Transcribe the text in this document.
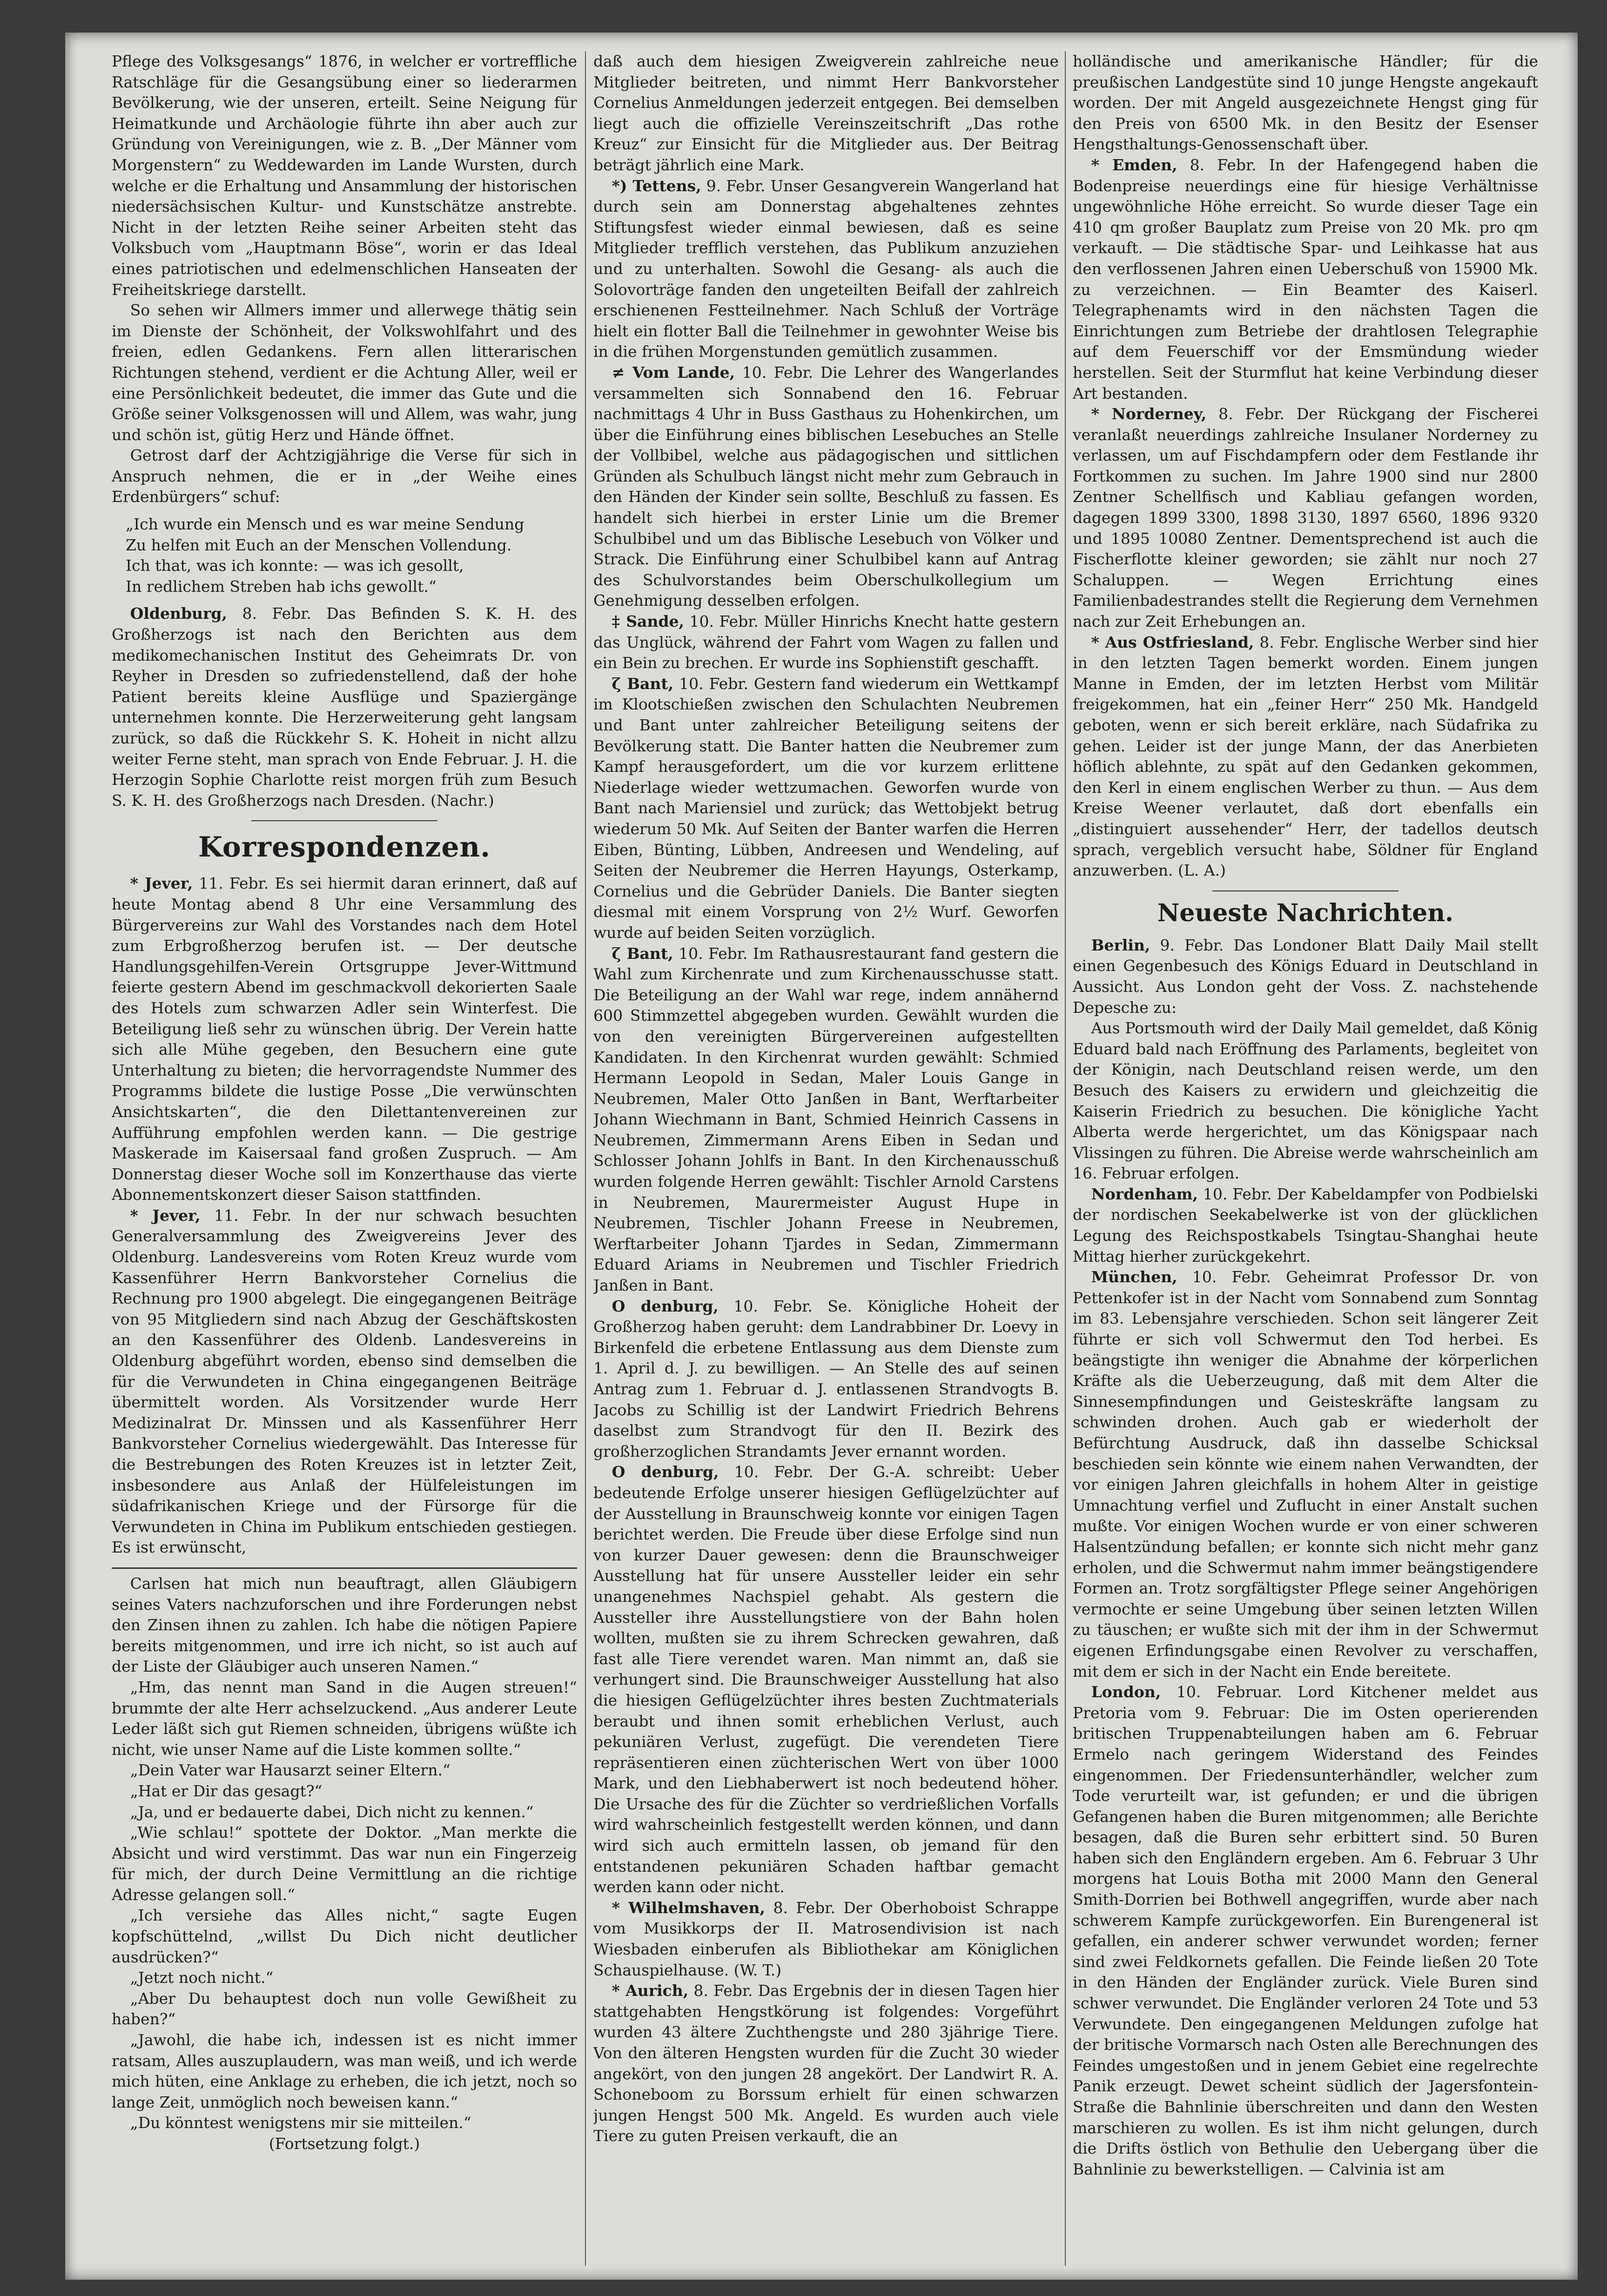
Pflege des Volksgesangs“ 1876, in welcher er vortreffliche Ratschläge für die Gesangsübung einer so liederarmen Bevölkerung, wie der unseren, erteilt. Seine Neigung für Heimatkunde und Archäologie führte ihn aber auch zur Gründung von Vereinigungen, wie z. B. „Der Männer vom Morgenstern“ zu Weddewarden im Lande Wursten, durch welche er die Erhaltung und Ansammlung der historischen niedersächsischen Kultur- und Kunstschätze anstrebte. Nicht in der letzten Reihe seiner Arbeiten steht das Volksbuch vom „Hauptmann Böse“, worin er das Ideal eines patriotischen und edelmenschlichen Hanseaten der Freiheitskriege darstellt.

So sehen wir Allmers immer und allerwege thätig sein im Dienste der Schönheit, der Volkswohlfahrt und des freien, edlen Gedankens. Fern allen litterarischen Richtungen stehend, verdient er die Achtung Aller, weil er eine Persönlichkeit bedeutet, die immer das Gute und die Größe seiner Volksgenossen will und Allem, was wahr, jung und schön ist, gütig Herz und Hände öffnet.

Getrost darf der Achtzigjährige die Verse für sich in Anspruch nehmen, die er in „der Weihe eines Erdenbürgers“ schuf:

„Ich wurde ein Mensch und es war meine Sendung
Zu helfen mit Euch an der Menschen Vollendung.
Ich that, was ich konnte: — was ich gesollt,
In redlichem Streben hab ichs gewollt.“

Oldenburg, 8. Febr. Das Befinden S. K. H. des Großherzogs ist nach den Berichten aus dem medikomechanischen Institut des Geheimrats Dr. von Reyher in Dresden so zufriedenstellend, daß der hohe Patient bereits kleine Ausflüge und Spaziergänge unternehmen konnte. Die Herzerweiterung geht langsam zurück, so daß die Rückkehr S. K. Hoheit in nicht allzu weiter Ferne steht, man sprach von Ende Februar. J. H. die Herzogin Sophie Charlotte reist morgen früh zum Besuch S. K. H. des Großherzogs nach Dresden. (Nachr.)

Korrespondenzen.

* Jever, 11. Febr. Es sei hiermit daran erinnert, daß auf heute Montag abend 8 Uhr eine Versammlung des Bürgervereins zur Wahl des Vorstandes nach dem Hotel zum Erbgroßherzog berufen ist. — Der deutsche Handlungsgehilfen-Verein Ortsgruppe Jever-Wittmund feierte gestern Abend im geschmackvoll dekorierten Saale des Hotels zum schwarzen Adler sein Winterfest. Die Beteiligung ließ sehr zu wünschen übrig. Der Verein hatte sich alle Mühe gegeben, den Besuchern eine gute Unterhaltung zu bieten; die hervorragendste Nummer des Programms bildete die lustige Posse „Die verwünschten Ansichtskarten“, die den Dilettantenvereinen zur Aufführung empfohlen werden kann. — Die gestrige Maskerade im Kaisersaal fand großen Zuspruch. — Am Donnerstag dieser Woche soll im Konzerthause das vierte Abonnementskonzert dieser Saison stattfinden.

* Jever, 11. Febr. In der nur schwach besuchten Generalversammlung des Zweigvereins Jever des Oldenburg. Landesvereins vom Roten Kreuz wurde vom Kassenführer Herrn Bankvorsteher Cornelius die Rechnung pro 1900 abgelegt. Die eingegangenen Beiträge von 95 Mitgliedern sind nach Abzug der Geschäftskosten an den Kassenführer des Oldenb. Landesvereins in Oldenburg abgeführt worden, ebenso sind demselben die für die Verwundeten in China eingegangenen Beiträge übermittelt worden. Als Vorsitzender wurde Herr Medizinalrat Dr. Minssen und als Kassenführer Herr Bankvorsteher Cornelius wiedergewählt. Das Interesse für die Bestrebungen des Roten Kreuzes ist in letzter Zeit, insbesondere aus Anlaß der Hülfeleistungen im südafrikanischen Kriege und der Fürsorge für die Verwundeten in China im Publikum entschieden gestiegen. Es ist erwünscht,

Carlsen hat mich nun beauftragt, allen Gläubigern seines Vaters nachzuforschen und ihre Forderungen nebst den Zinsen ihnen zu zahlen. Ich habe die nötigen Papiere bereits mitgenommen, und irre ich nicht, so ist auch auf der Liste der Gläubiger auch unseren Namen.“

„Hm, das nennt man Sand in die Augen streuen!“ brummte der alte Herr achselzuckend. „Aus anderer Leute Leder läßt sich gut Riemen schneiden, übrigens wüßte ich nicht, wie unser Name auf die Liste kommen sollte.“

„Dein Vater war Hausarzt seiner Eltern.“

„Hat er Dir das gesagt?“

„Ja, und er bedauerte dabei, Dich nicht zu kennen.“

„Wie schlau!“ spottete der Doktor. „Man merkte die Absicht und wird verstimmt. Das war nun ein Fingerzeig für mich, der durch Deine Vermittlung an die richtige Adresse gelangen soll.“

„Ich versiehe das Alles nicht,“ sagte Eugen kopfschüttelnd, „willst Du Dich nicht deutlicher ausdrücken?“

„Jetzt noch nicht.“

„Aber Du behauptest doch nun volle Gewißheit zu haben?“

„Jawohl, die habe ich, indessen ist es nicht immer ratsam, Alles auszuplaudern, was man weiß, und ich werde mich hüten, eine Anklage zu erheben, die ich jetzt, noch so lange Zeit, unmöglich noch beweisen kann.“

„Du könntest wenigstens mir sie mitteilen.“

(Fortsetzung folgt.)

daß auch dem hiesigen Zweigverein zahlreiche neue Mitglieder beitreten, und nimmt Herr Bankvorsteher Cornelius Anmeldungen jederzeit entgegen. Bei demselben liegt auch die offizielle Vereinszeitschrift „Das rothe Kreuz“ zur Einsicht für die Mitglieder aus. Der Beitrag beträgt jährlich eine Mark.

*) Tettens, 9. Febr. Unser Gesangverein Wangerland hat durch sein am Donnerstag abgehaltenes zehntes Stiftungsfest wieder einmal bewiesen, daß es seine Mitglieder trefflich verstehen, das Publikum anzuziehen und zu unterhalten. Sowohl die Gesang- als auch die Solovorträge fanden den ungeteilten Beifall der zahlreich erschienenen Festteilnehmer. Nach Schluß der Vorträge hielt ein flotter Ball die Teilnehmer in gewohnter Weise bis in die frühen Morgenstunden gemütlich zusammen.

≠ Vom Lande, 10. Febr. Die Lehrer des Wangerlandes versammelten sich Sonnabend den 16. Februar nachmittags 4 Uhr in Buss Gasthaus zu Hohenkirchen, um über die Einführung eines biblischen Lesebuches an Stelle der Vollbibel, welche aus pädagogischen und sittlichen Gründen als Schulbuch längst nicht mehr zum Gebrauch in den Händen der Kinder sein sollte, Beschluß zu fassen. Es handelt sich hierbei in erster Linie um die Bremer Schulbibel und um das Biblische Lesebuch von Völker und Strack. Die Einführung einer Schulbibel kann auf Antrag des Schulvorstandes beim Oberschulkollegium um Genehmigung desselben erfolgen.

‡ Sande, 10. Febr. Müller Hinrichs Knecht hatte gestern das Unglück, während der Fahrt vom Wagen zu fallen und ein Bein zu brechen. Er wurde ins Sophienstift geschafft.

ζ Bant, 10. Febr. Gestern fand wiederum ein Wettkampf im Klootschießen zwischen den Schulachten Neubremen und Bant unter zahlreicher Beteiligung seitens der Bevölkerung statt. Die Banter hatten die Neubremer zum Kampf herausgefordert, um die vor kurzem erlittene Niederlage wieder wettzumachen. Geworfen wurde von Bant nach Mariensiel und zurück; das Wettobjekt betrug wiederum 50 Mk. Auf Seiten der Banter warfen die Herren Eiben, Bünting, Lübben, Andreesen und Wendeling, auf Seiten der Neubremer die Herren Hayungs, Osterkamp, Cornelius und die Gebrüder Daniels. Die Banter siegten diesmal mit einem Vorsprung von 2½ Wurf. Geworfen wurde auf beiden Seiten vorzüglich.

ζ Bant, 10. Febr. Im Rathausrestaurant fand gestern die Wahl zum Kirchenrate und zum Kirchenausschusse statt. Die Beteiligung an der Wahl war rege, indem annähernd 600 Stimmzettel abgegeben wurden. Gewählt wurden die von den vereinigten Bürgervereinen aufgestellten Kandidaten. In den Kirchenrat wurden gewählt: Schmied Hermann Leopold in Sedan, Maler Louis Gange in Neubremen, Maler Otto Janßen in Bant, Werftarbeiter Johann Wiechmann in Bant, Schmied Heinrich Cassens in Neubremen, Zimmermann Arens Eiben in Sedan und Schlosser Johann Johlfs in Bant. In den Kirchenausschuß wurden folgende Herren gewählt: Tischler Arnold Carstens in Neubremen, Maurermeister August Hupe in Neubremen, Tischler Johann Freese in Neubremen, Werftarbeiter Johann Tjardes in Sedan, Zimmermann Eduard Ariams in Neubremen und Tischler Friedrich Janßen in Bant.

O denburg, 10. Febr. Se. Königliche Hoheit der Großherzog haben geruht: dem Landrabbiner Dr. Loevy in Birkenfeld die erbetene Entlassung aus dem Dienste zum 1. April d. J. zu bewilligen. — An Stelle des auf seinen Antrag zum 1. Februar d. J. entlassenen Strandvogts B. Jacobs zu Schillig ist der Landwirt Friedrich Behrens daselbst zum Strandvogt für den II. Bezirk des großherzoglichen Strandamts Jever ernannt worden.

O denburg, 10. Febr. Der G.-A. schreibt: Ueber bedeutende Erfolge unserer hiesigen Geflügelzüchter auf der Ausstellung in Braunschweig konnte vor einigen Tagen berichtet werden. Die Freude über diese Erfolge sind nun von kurzer Dauer gewesen: denn die Braunschweiger Ausstellung hat für unsere Aussteller leider ein sehr unangenehmes Nachspiel gehabt. Als gestern die Aussteller ihre Ausstellungstiere von der Bahn holen wollten, mußten sie zu ihrem Schrecken gewahren, daß fast alle Tiere verendet waren. Man nimmt an, daß sie verhungert sind. Die Braunschweiger Ausstellung hat also die hiesigen Geflügelzüchter ihres besten Zuchtmaterials beraubt und ihnen somit erheblichen Verlust, auch pekuniären Verlust, zugefügt. Die verendeten Tiere repräsentieren einen züchterischen Wert von über 1000 Mark, und den Liebhaberwert ist noch bedeutend höher. Die Ursache des für die Züchter so verdrießlichen Vorfalls wird wahrscheinlich festgestellt werden können, und dann wird sich auch ermitteln lassen, ob jemand für den entstandenen pekuniären Schaden haftbar gemacht werden kann oder nicht.

* Wilhelmshaven, 8. Febr. Der Oberhoboist Schrappe vom Musikkorps der II. Matrosendivision ist nach Wiesbaden einberufen als Bibliothekar am Königlichen Schauspielhause. (W. T.)

* Aurich, 8. Febr. Das Ergebnis der in diesen Tagen hier stattgehabten Hengstkörung ist folgendes: Vorgeführt wurden 43 ältere Zuchthengste und 280 3jährige Tiere. Von den älteren Hengsten wurden für die Zucht 30 wieder angekört, von den jungen 28 angekört. Der Landwirt R. A. Schoneboom zu Borssum erhielt für einen schwarzen jungen Hengst 500 Mk. Angeld. Es wurden auch viele Tiere zu guten Preisen verkauft, die an

holländische und amerikanische Händler; für die preußischen Landgestüte sind 10 junge Hengste angekauft worden. Der mit Angeld ausgezeichnete Hengst ging für den Preis von 6500 Mk. in den Besitz der Esenser Hengsthaltungs-Genossenschaft über.

* Emden, 8. Febr. In der Hafengegend haben die Bodenpreise neuerdings eine für hiesige Verhältnisse ungewöhnliche Höhe erreicht. So wurde dieser Tage ein 410 qm großer Bauplatz zum Preise von 20 Mk. pro qm verkauft. — Die städtische Spar- und Leihkasse hat aus den verflossenen Jahren einen Ueberschuß von 15900 Mk. zu verzeichnen. — Ein Beamter des Kaiserl. Telegraphenamts wird in den nächsten Tagen die Einrichtungen zum Betriebe der drahtlosen Telegraphie auf dem Feuerschiff vor der Emsmündung wieder herstellen. Seit der Sturmflut hat keine Verbindung dieser Art bestanden.

* Norderney, 8. Febr. Der Rückgang der Fischerei veranlaßt neuerdings zahlreiche Insulaner Norderney zu verlassen, um auf Fischdampfern oder dem Festlande ihr Fortkommen zu suchen. Im Jahre 1900 sind nur 2800 Zentner Schellfisch und Kabliau gefangen worden, dagegen 1899 3300, 1898 3130, 1897 6560, 1896 9320 und 1895 10080 Zentner. Dementsprechend ist auch die Fischerflotte kleiner geworden; sie zählt nur noch 27 Schaluppen. — Wegen Errichtung eines Familienbadestrandes stellt die Regierung dem Vernehmen nach zur Zeit Erhebungen an.

* Aus Ostfriesland, 8. Febr. Englische Werber sind hier in den letzten Tagen bemerkt worden. Einem jungen Manne in Emden, der im letzten Herbst vom Militär freigekommen, hat ein „feiner Herr“ 250 Mk. Handgeld geboten, wenn er sich bereit erkläre, nach Südafrika zu gehen. Leider ist der junge Mann, der das Anerbieten höflich ablehnte, zu spät auf den Gedanken gekommen, den Kerl in einem englischen Werber zu thun. — Aus dem Kreise Weener verlautet, daß dort ebenfalls ein „distinguiert aussehender“ Herr, der tadellos deutsch sprach, vergeblich versucht habe, Söldner für England anzuwerben. (L. A.)

Neueste Nachrichten.

Berlin, 9. Febr. Das Londoner Blatt Daily Mail stellt einen Gegenbesuch des Königs Eduard in Deutschland in Aussicht. Aus London geht der Voss. Z. nachstehende Depesche zu:

Aus Portsmouth wird der Daily Mail gemeldet, daß König Eduard bald nach Eröffnung des Parlaments, begleitet von der Königin, nach Deutschland reisen werde, um den Besuch des Kaisers zu erwidern und gleichzeitig die Kaiserin Friedrich zu besuchen. Die königliche Yacht Alberta werde hergerichtet, um das Königspaar nach Vlissingen zu führen. Die Abreise werde wahrscheinlich am 16. Februar erfolgen.

Nordenham, 10. Febr. Der Kabeldampfer von Podbielski der nordischen Seekabelwerke ist von der glücklichen Legung des Reichspostkabels Tsingtau-Shanghai heute Mittag hierher zurückgekehrt.

München, 10. Febr. Geheimrat Professor Dr. von Pettenkofer ist in der Nacht vom Sonnabend zum Sonntag im 83. Lebensjahre verschieden. Schon seit längerer Zeit führte er sich voll Schwermut den Tod herbei. Es beängstigte ihn weniger die Abnahme der körperlichen Kräfte als die Ueberzeugung, daß mit dem Alter die Sinnesempfindungen und Geisteskräfte langsam zu schwinden drohen. Auch gab er wiederholt der Befürchtung Ausdruck, daß ihn dasselbe Schicksal beschieden sein könnte wie einem nahen Verwandten, der vor einigen Jahren gleichfalls in hohem Alter in geistige Umnachtung verfiel und Zuflucht in einer Anstalt suchen mußte. Vor einigen Wochen wurde er von einer schweren Halsentzündung befallen; er konnte sich nicht mehr ganz erholen, und die Schwermut nahm immer beängstigendere Formen an. Trotz sorgfältigster Pflege seiner Angehörigen vermochte er seine Umgebung über seinen letzten Willen zu täuschen; er wußte sich mit der ihm in der Schwermut eigenen Erfindungsgabe einen Revolver zu verschaffen, mit dem er sich in der Nacht ein Ende bereitete.

London, 10. Februar. Lord Kitchener meldet aus Pretoria vom 9. Februar: Die im Osten operierenden britischen Truppenabteilungen haben am 6. Februar Ermelo nach geringem Widerstand des Feindes eingenommen. Der Friedensunterhändler, welcher zum Tode verurteilt war, ist gefunden; er und die übrigen Gefangenen haben die Buren mitgenommen; alle Berichte besagen, daß die Buren sehr erbittert sind. 50 Buren haben sich den Engländern ergeben. Am 6. Februar 3 Uhr morgens hat Louis Botha mit 2000 Mann den General Smith-Dorrien bei Bothwell angegriffen, wurde aber nach schwerem Kampfe zurückgeworfen. Ein Burengeneral ist gefallen, ein anderer schwer verwundet worden; ferner sind zwei Feldkornets gefallen. Die Feinde ließen 20 Tote in den Händen der Engländer zurück. Viele Buren sind schwer verwundet. Die Engländer verloren 24 Tote und 53 Verwundete. Den eingegangenen Meldungen zufolge hat der britische Vormarsch nach Osten alle Berechnungen des Feindes umgestoßen und in jenem Gebiet eine regelrechte Panik erzeugt. Dewet scheint südlich der Jagersfontein-Straße die Bahnlinie überschreiten und dann den Westen marschieren zu wollen. Es ist ihm nicht gelungen, durch die Drifts östlich von Bethulie den Uebergang über die Bahnlinie zu bewerkstelligen. — Calvinia ist am
